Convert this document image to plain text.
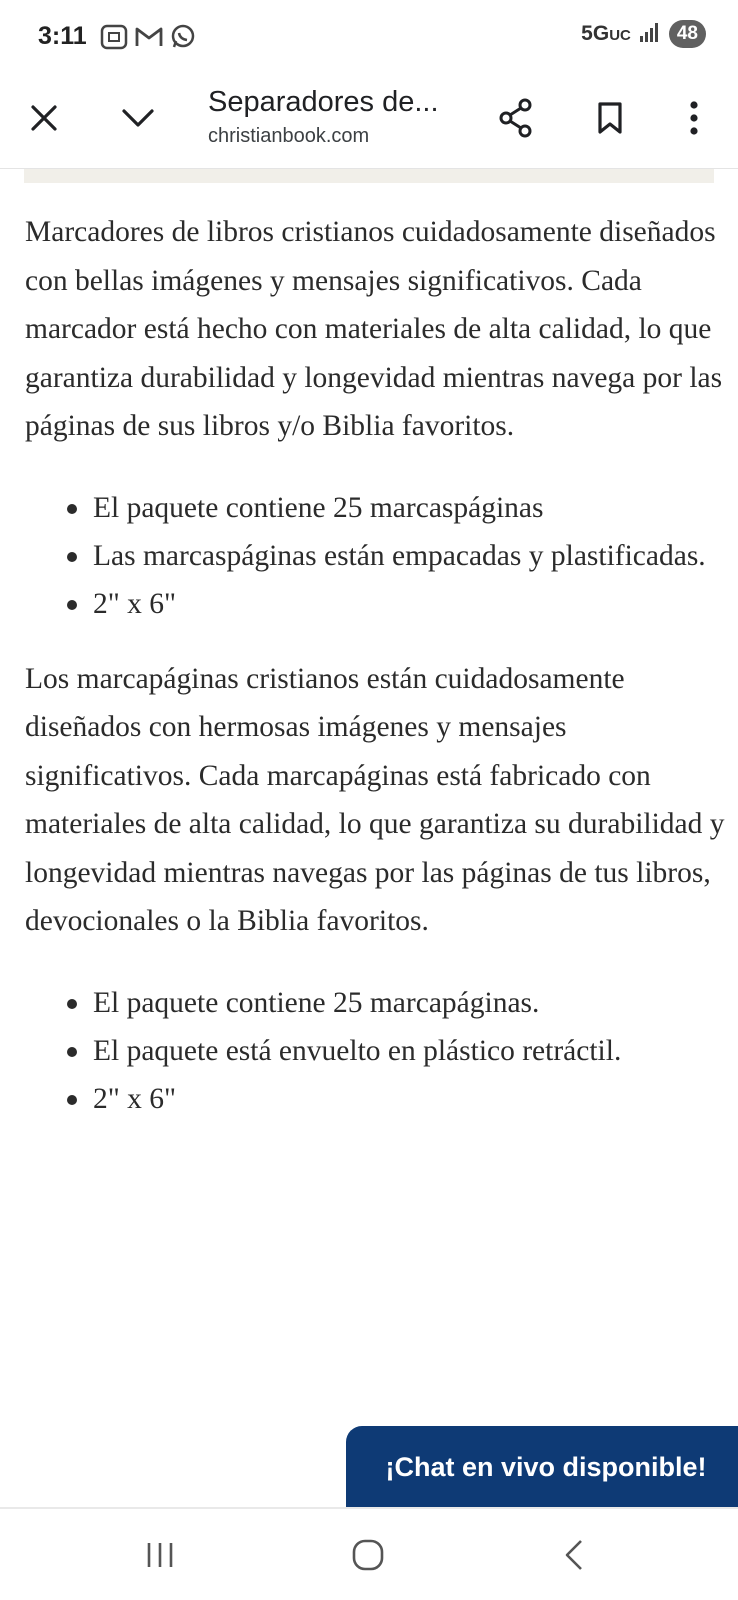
3:11	5GUC	48
Separadores de...
christianbook.com

Marcadores de libros cristianos cuidadosamente diseñados con bellas imágenes y mensajes significativos. Cada marcador está hecho con materiales de alta calidad, lo que garantiza durabilidad y longevidad mientras navega por las páginas de sus libros y/o Biblia favoritos.

El paquete contiene 25 marcaspáginas
Las marcaspáginas están empacadas y plastificadas.
2" x 6"

Los marcapáginas cristianos están cuidadosamente diseñados con hermosas imágenes y mensajes significativos. Cada marcapáginas está fabricado con materiales de alta calidad, lo que garantiza su durabilidad y longevidad mientras navegas por las páginas de tus libros, devocionales o la Biblia favoritos.

El paquete contiene 25 marcapáginas.
El paquete está envuelto en plástico retráctil.
2" x 6"
¡Chat en vivo disponible!
